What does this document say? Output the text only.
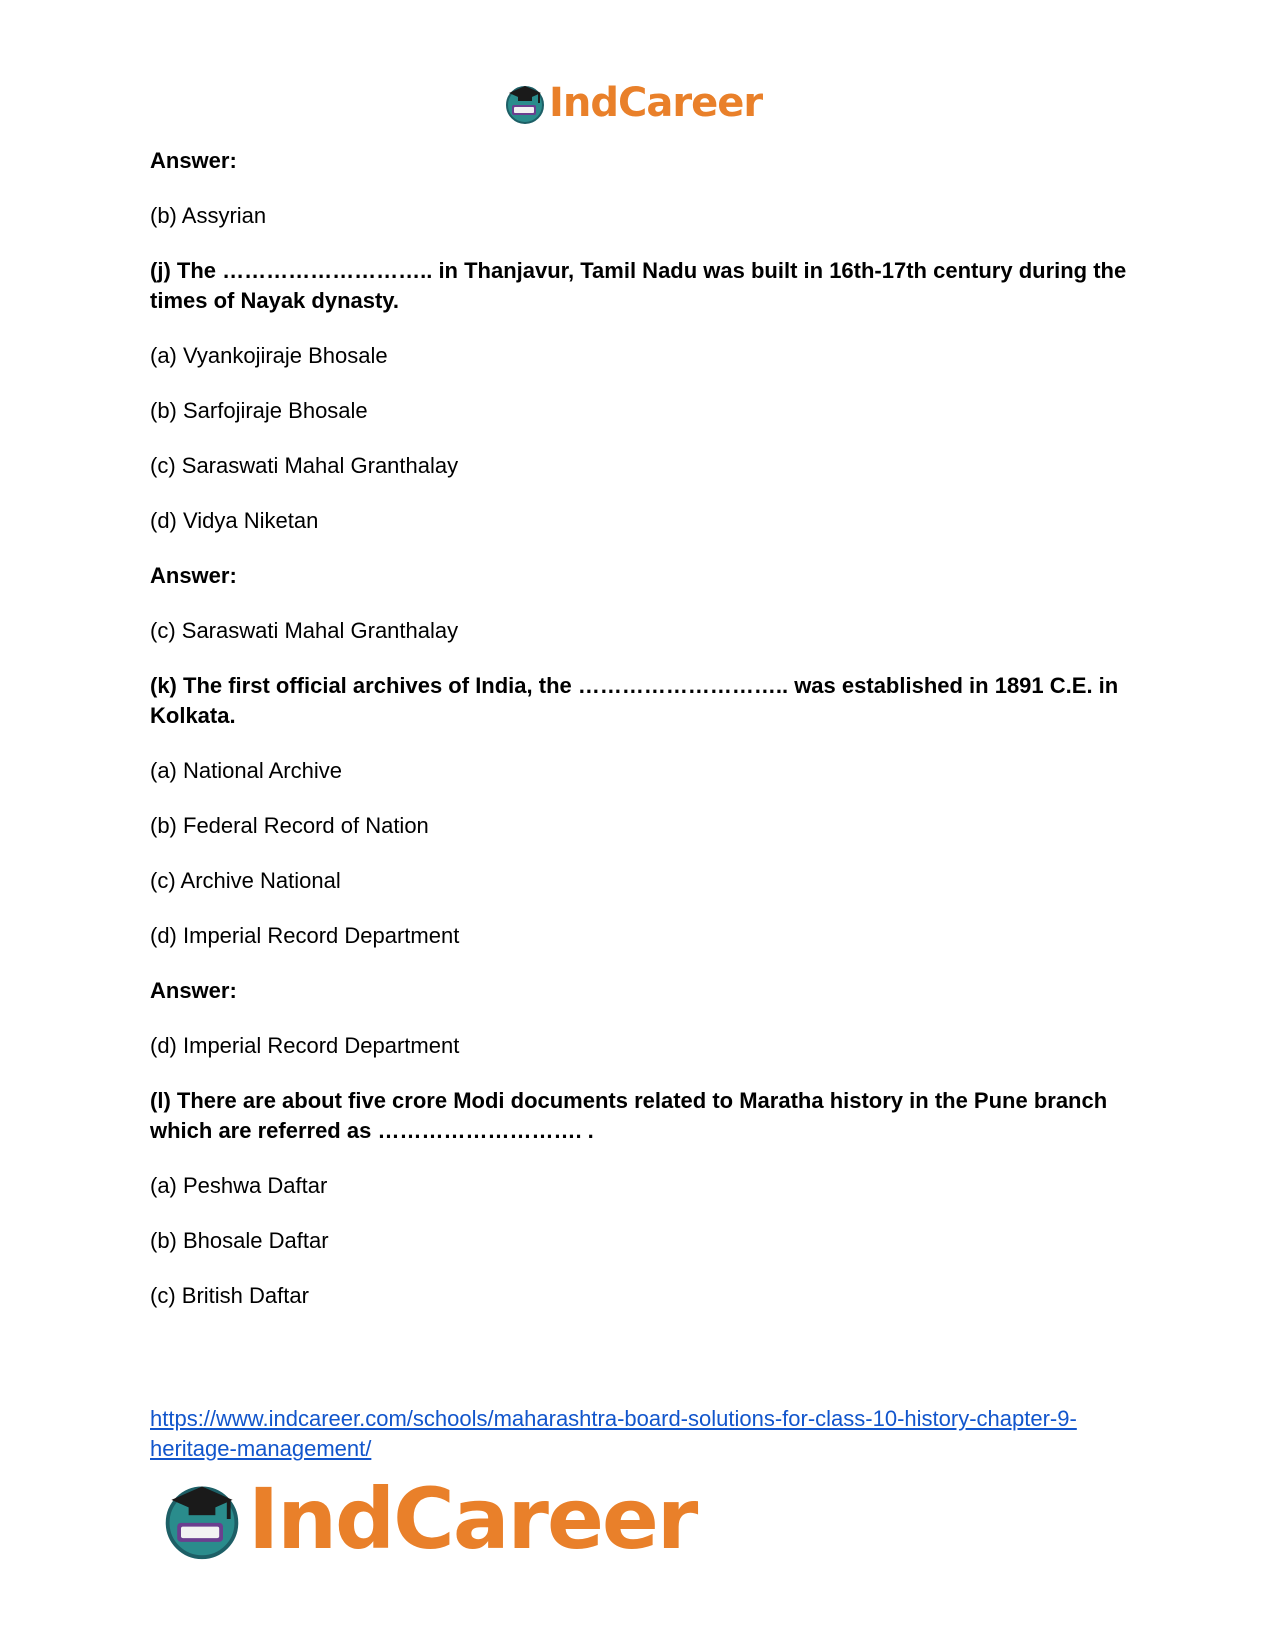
IndCareer

Answer:

(b) Assyrian

(j) The ……………………….. in Thanjavur, Tamil Nadu was built in 16th-17th century during the times of Nayak dynasty.

(a) Vyankojiraje Bhosale

(b) Sarfojiraje Bhosale

(c) Saraswati Mahal Granthalay

(d) Vidya Niketan

Answer:

(c) Saraswati Mahal Granthalay

(k) The first official archives of India, the ……………………….. was established in 1891 C.E. in Kolkata.

(a) National Archive

(b) Federal Record of Nation

(c) Archive National

(d) Imperial Record Department

Answer:

(d) Imperial Record Department

(l) There are about five crore Modi documents related to Maratha history in the Pune branch which are referred as ………………………. .

(a) Peshwa Daftar

(b) Bhosale Daftar

(c) British Daftar

https://www.indcareer.com/schools/maharashtra-board-solutions-for-class-10-history-chapter-9-heritage-management/
IndCareer
